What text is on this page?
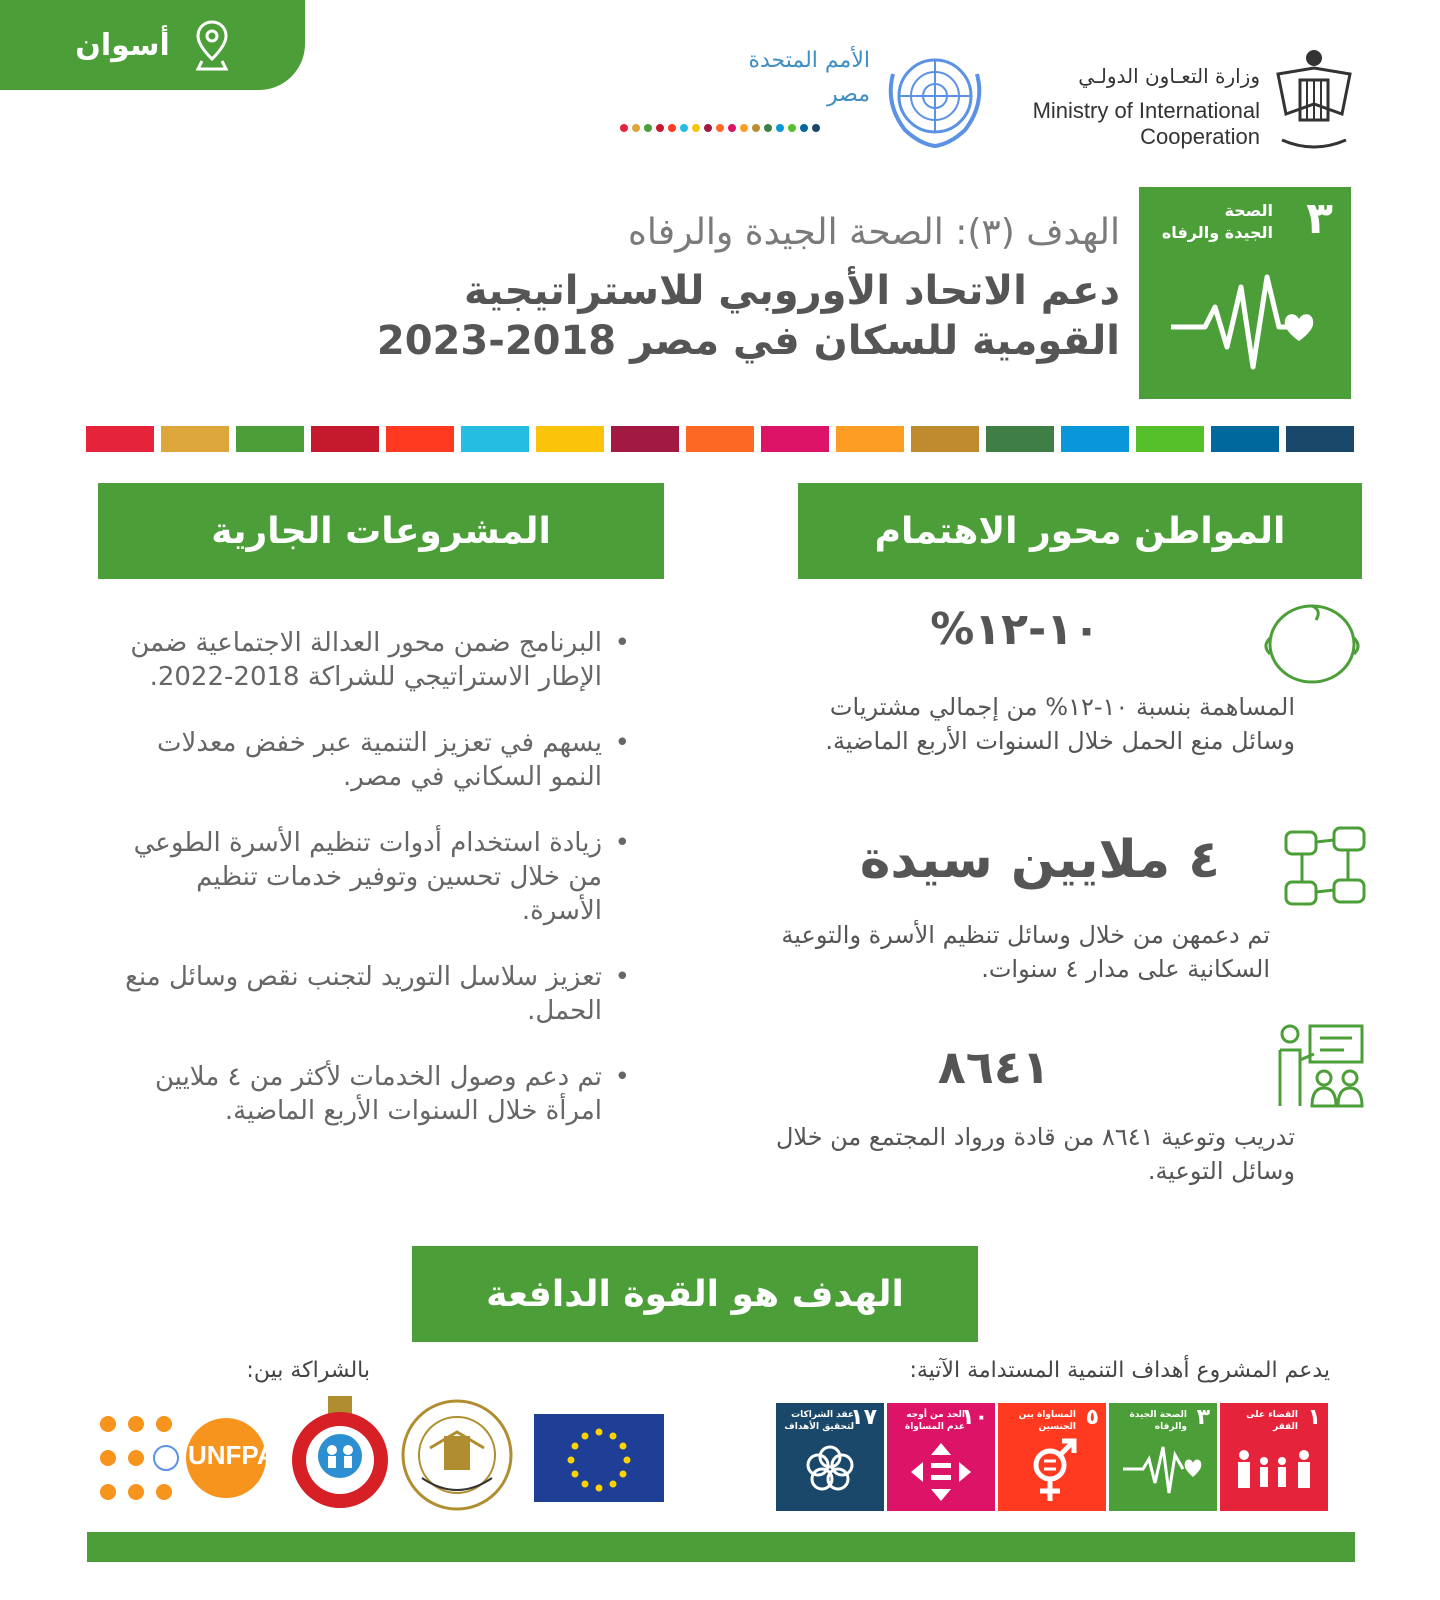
أسوان	الأمم المتحدة
مصر
وزارة التعـاون الدولـي
Ministry of International
Cooperation
٣
الصحة
الجيدة والرفاه
الهدف (٣): الصحة الجيدة والرفاه
دعم الاتحاد الأوروبي للاستراتيجية
القومية للسكان في مصر 2018-2023
المواطن محور الاهتمام
المشروعات الجارية
١٠-١٢%
المساهمة بنسبة ١٠-١٢% من إجمالي مشتريات وسائل منع الحمل خلال السنوات الأربع الماضية.
٤ ملايين سيدة
تم دعمهن من خلال وسائل تنظيم الأسرة والتوعية السكانية على مدار ٤ سنوات.
٨٦٤١
تدريب وتوعية ٨٦٤١ من قادة ورواد المجتمع من خلال وسائل التوعية.
• البرنامج ضمن محور العدالة الاجتماعية ضمن الإطار الاستراتيجي للشراكة 2018-2022.
• يسهم في تعزيز التنمية عبر خفض معدلات النمو السكاني في مصر.
• زيادة استخدام أدوات تنظيم الأسرة الطوعي من خلال تحسين وتوفير خدمات تنظيم الأسرة.
• تعزيز سلاسل التوريد لتجنب نقص وسائل منع الحمل.
• تم دعم وصول الخدمات لأكثر من ٤ ملايين امرأة خلال السنوات الأربع الماضية.
الهدف هو القوة الدافعة
يدعم المشروع أهداف التنمية المستدامة الآتية:
بالشراكة بين:
١
القضاء على الفقر
٣
الصحة الجيدة والرفاه
٥
المساواة بين الجنسين
١٠
الحد من أوجه عدم المساواة
١٧
عقد الشراكات لتحقيق الأهداف
UNFPA
